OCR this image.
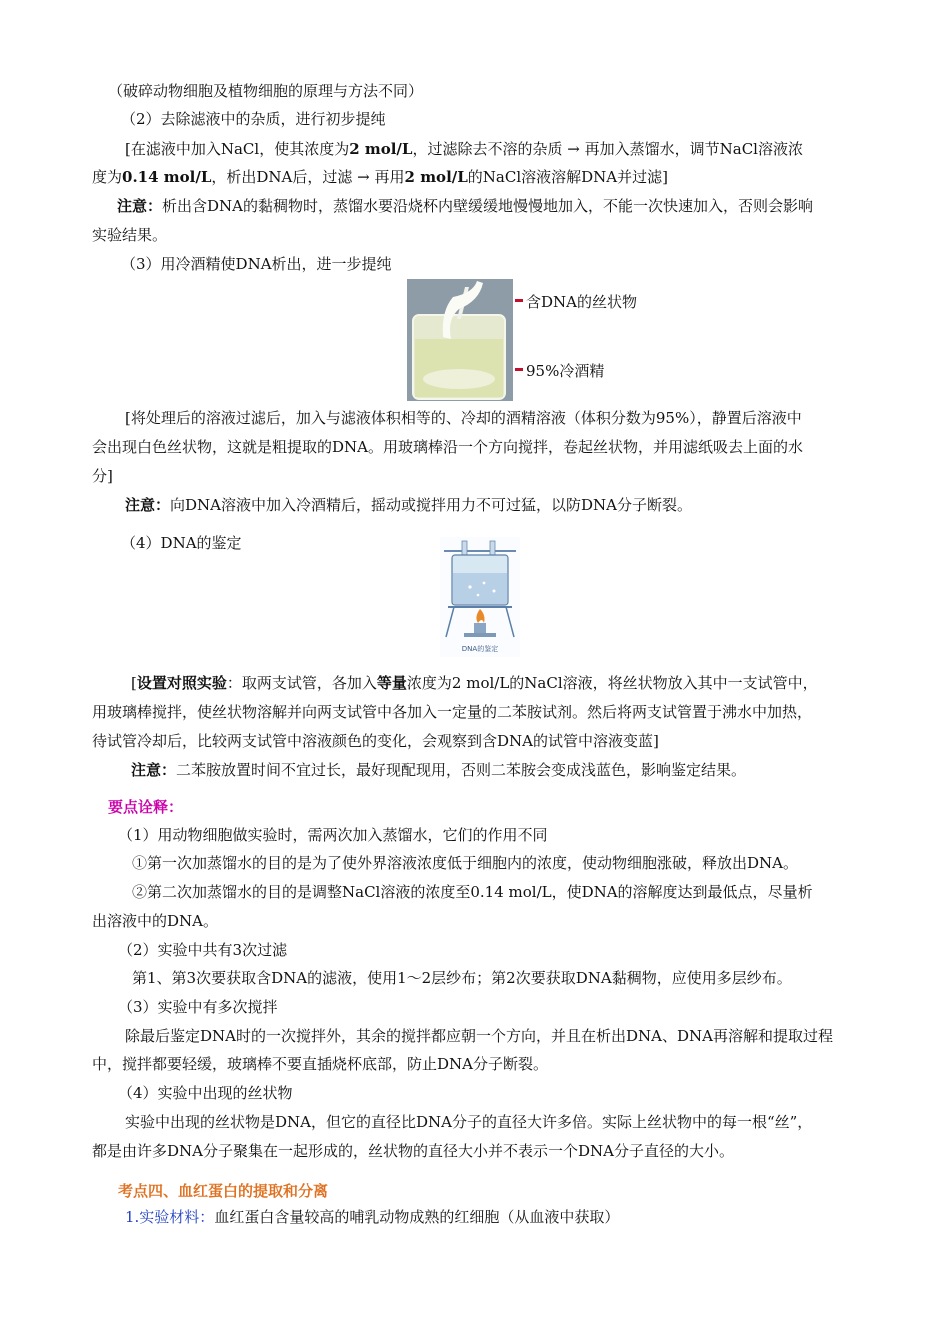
（破碎动物细胞及植物细胞的原理与方法不同）
（2）去除滤液中的杂质，进行初步提纯
[在滤液中加入NaCl，使其浓度为2 mol/L，过滤除去不溶的杂质 → 再加入蒸馏水，调节NaCl溶液浓
度为0.14 mol/L，析出DNA后，过滤 → 再用2 mol/L的NaCl溶液溶解DNA并过滤]
注意：析出含DNA的黏稠物时，蒸馏水要沿烧杯内壁缓缓地慢慢地加入，不能一次快速加入，否则会影响
实验结果。
（3）用冷酒精使DNA析出，进一步提纯
含DNA的丝状物
95%冷酒精
[将处理后的溶液过滤后，加入与滤液体积相等的、冷却的酒精溶液（体积分数为95%），静置后溶液中
会出现白色丝状物，这就是粗提取的DNA。用玻璃棒沿一个方向搅拌，卷起丝状物，并用滤纸吸去上面的水
分]
注意：向DNA溶液中加入冷酒精后，摇动或搅拌用力不可过猛，以防DNA分子断裂。
（4）DNA的鉴定
DNA的鉴定
[设置对照实验：取两支试管，各加入等量浓度为2 mol/L的NaCl溶液，将丝状物放入其中一支试管中，
用玻璃棒搅拌，使丝状物溶解并向两支试管中各加入一定量的二苯胺试剂。然后将两支试管置于沸水中加热，
待试管冷却后，比较两支试管中溶液颜色的变化，会观察到含DNA的试管中溶液变蓝]
注意：二苯胺放置时间不宜过长，最好现配现用，否则二苯胺会变成浅蓝色，影响鉴定结果。
要点诠释：
（1）用动物细胞做实验时，需两次加入蒸馏水，它们的作用不同
①第一次加蒸馏水的目的是为了使外界溶液浓度低于细胞内的浓度，使动物细胞涨破，释放出DNA。
②第二次加蒸馏水的目的是调整NaCl溶液的浓度至0.14 mol/L，使DNA的溶解度达到最低点，尽量析
出溶液中的DNA。
（2）实验中共有3次过滤
第1、第3次要获取含DNA的滤液，使用1～2层纱布；第2次要获取DNA黏稠物，应使用多层纱布。
（3）实验中有多次搅拌
除最后鉴定DNA时的一次搅拌外，其余的搅拌都应朝一个方向，并且在析出DNA、DNA再溶解和提取过程
中，搅拌都要轻缓，玻璃棒不要直插烧杯底部，防止DNA分子断裂。
（4）实验中出现的丝状物
实验中出现的丝状物是DNA，但它的直径比DNA分子的直径大许多倍。实际上丝状物中的每一根“丝”，
都是由许多DNA分子聚集在一起形成的，丝状物的直径大小并不表示一个DNA分子直径的大小。
考点四、血红蛋白的提取和分离
1.实验材料：血红蛋白含量较高的哺乳动物成熟的红细胞（从血液中获取）
